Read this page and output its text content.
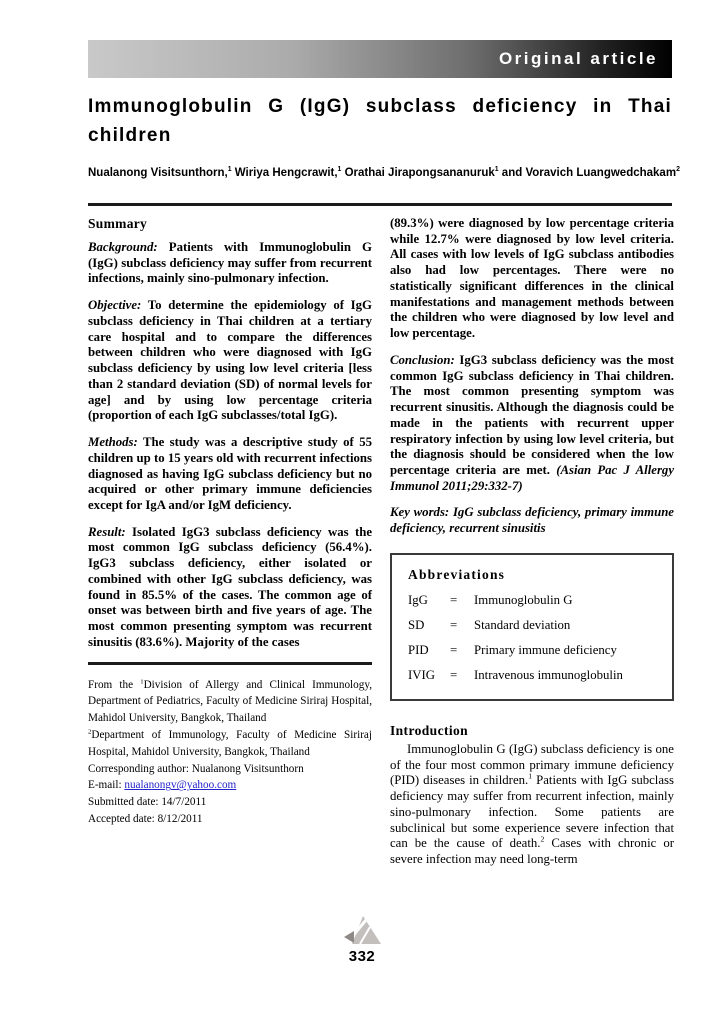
Original article
Immunoglobulin G (IgG) subclass deficiency in Thai children
Nualanong Visitsunthorn,$^1$ Wiriya Hengcrawit,$^1$ Orathai Jirapongsananuruk$^1$ and Voravich Luangwedchakam$^2$
Summary

Background: Patients with Immunoglobulin G (IgG) subclass deficiency may suffer from recurrent infections, mainly sino-pulmonary infection.

Objective: To determine the epidemiology of IgG subclass deficiency in Thai children at a tertiary care hospital and to compare the differences between children who were diagnosed with IgG subclass deficiency by using low level criteria [less than 2 standard deviation (SD) of normal levels for age] and by using low percentage criteria (proportion of each IgG subclasses/total IgG).

Methods: The study was a descriptive study of 55 children up to 15 years old with recurrent infections diagnosed as having IgG subclass deficiency but no acquired or other primary immune deficiencies except for IgA and/or IgM deficiency.

Result: Isolated IgG3 subclass deficiency was the most common IgG subclass deficiency (56.4%). IgG3 subclass deficiency, either isolated or combined with other IgG subclass deficiency, was found in 85.5% of the cases. The common age of onset was between birth and five years of age. The most common presenting symptom was recurrent sinusitis (83.6%). Majority of the cases

From the $^1$Division of Allergy and Clinical Immunology, Department of Pediatrics, Faculty of Medicine Siriraj Hospital, Mahidol University, Bangkok, Thailand

$^2$Department of Immunology, Faculty of Medicine Siriraj Hospital, Mahidol University, Bangkok, Thailand

Corresponding author: Nualanong Visitsunthorn

E-mail: nualanongv@yahoo.com

Submitted date: 14/7/2011

Accepted date: 8/12/2011

(89.3%) were diagnosed by low percentage criteria while 12.7% were diagnosed by low level criteria. All cases with low levels of IgG subclass antibodies also had low percentages. There were no statistically significant differences in the clinical manifestations and management methods between the children who were diagnosed by low level and low percentage.

Conclusion: IgG3 subclass deficiency was the most common IgG subclass deficiency in Thai children. The most common presenting symptom was recurrent sinusitis. Although the diagnosis could be made in the patients with recurrent upper respiratory infection by using low level criteria, but the diagnosis should be considered when the low percentage criteria are met. (Asian Pac J Allergy Immunol 2011;29:332-7)

Key words: IgG subclass deficiency, primary immune deficiency, recurrent sinusitis

Abbreviations
IgG	=	Immunoglobulin G
SD	=	Standard deviation
PID	=	Primary immune deficiency
IVIG	=	Intravenous immunoglobulin
Introduction

Immunoglobulin G (IgG) subclass deficiency is one of the four most common primary immune deficiency (PID) diseases in children.$^1$ Patients with IgG subclass deficiency may suffer from recurrent infection, mainly sino-pulmonary infection. Some patients are subclinical but some experience severe infection that can be the cause of death.$^2$ Cases with chronic or severe infection may need long-term

332
